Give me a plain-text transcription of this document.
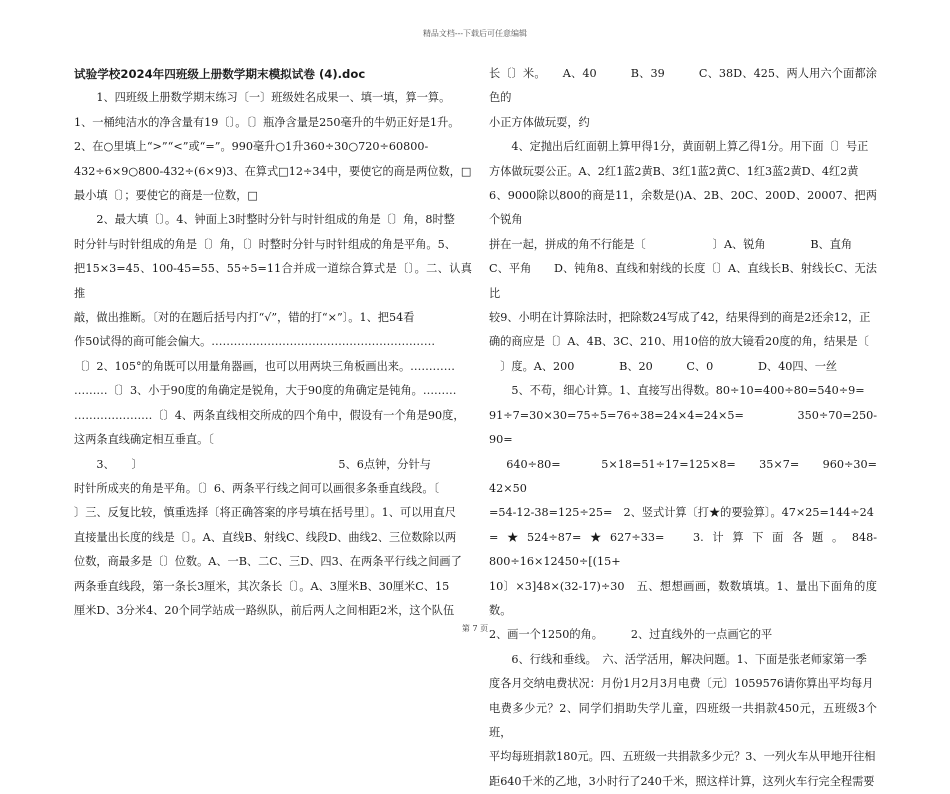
精品文档---下载后可任意编辑

试验学校2024年四班级上册数学期末模拟试卷 (4).doc

　　1、四班级上册数学期末练习〔一〕班级姓名成果一、填一填，算一算。

1、一桶纯洁水的净含量有19〔〕。〔〕瓶净含量是250毫升的牛奶正好是1升。

2、在○里填上“>”“<”或“=”。990毫升○1升360÷30○720÷60800-

432÷6×9○800-432÷(6×9)3、在算式□12÷34中，要使它的商是两位数，□

最小填〔〕；要使它的商是一位数，□

　　2、最大填〔〕。4、钟面上3时整时分针与时针组成的角是〔〕角，8时整

时分针与时针组成的角是〔〕角，〔〕时整时分针与时针组成的角是平角。5、

把15×3=45、100-45=55、55÷5=11合并成一道综合算式是〔〕。二、认真推

敲，做出推断。〔对的在题后括号内打“√”，错的打“×”〕。1、把54看

作50试得的商可能会偏大。……………………………………………………

〔〕2、105°的角既可以用量角器画，也可以用两块三角板画出来。…………

………〔〕3、小于90度的角确定是锐角，大于90度的角确定是钝角。………

…………………〔〕4、两条直线相交所成的四个角中，假设有一个角是90度，

这两条直线确定相互垂直。〔

　　3、　　〕　　　　　　　　　　　　　　　　　　5、6点钟，分针与

时针所成夹的角是平角。〔〕6、两条平行线之间可以画很多条垂直线段。〔

〕三、反复比较，慎重选择〔将正确答案的序号填在括号里〕。1、可以用直尺

直接量出长度的线是〔〕。A、直线B、射线C、线段D、曲线2、三位数除以两

位数，商最多是〔〕位数。A、一B、二C、三D、四3、在两条平行线之间画了

两条垂直线段，第一条长3厘米，其次条长〔〕。A、3厘米B、30厘米C、15

厘米D、3分米4、20个同学站成一路纵队，前后两人之间相距2米，这个队伍

长〔〕米。　　A、40　　　B、39　　　C、38D、425、两人用六个面都涂色的

小正方体做玩耍，约

　　4、定抛出后红面朝上算甲得1分，黄面朝上算乙得1分。用下面〔〕号正

方体做玩耍公正。A、2红1蓝2黄B、3红1蓝2黄C、1红3蓝2黄D、4红2黄

6、9000除以800的商是11，余数是()A、2B、20C、200D、20007、把两个锐角

拼在一起，拼成的角不行能是〔　　　　　　〕A、锐角　　　　B、直角

C、平角　　D、钝角8、直线和射线的长度〔〕A、直线长B、射线长C、无法比

较9、小明在计算除法时，把除数24写成了42，结果得到的商是2还余12，正

确的商应是〔〕A、4B、3C、210、用10倍的放大镜看20度的角，结果是〔

　〕度。A、200　　　　B、20　　　C、0　　　　D、40四、一丝

　　5、不苟，细心计算。1、直接写出得数。80÷10=400÷80=540÷9=

91÷7=30×30=75÷5=76÷38=24×4=24×5=　　　350÷70=250-90=

　640÷80=　　5×18=51÷17=125×8=　35×7=　960÷30=　　42×50

=54-12-38=125÷25=　2、竖式计算〔打★的要验算〕。47×25=144÷24

=★524÷87=★627÷33=　3.计算下面各题。848-800÷16×12450÷[(15+

10〕×3]48×(32-17)÷30　五、想想画画，数数填填。1、量出下面角的度数。

2、画一个1250的角。　　　2、过直线外的一点画它的平

　　6、行线和垂线。　六、活学活用，解决问题。1、下面是张老师家第一季

度各月交纳电费状况：月份1月2月3月电费〔元〕1059576请你算出平均每月

电费多少元？2、同学们捐助失学儿童，四班级一共捐款450元，五班级3个班，

平均每班捐款180元。四、五班级一共捐款多少元？3、一列火车从甲地开往相

距640千米的乙地，3小时行了240千米，照这样计算，这列火车行完全程需要

第 7 页
